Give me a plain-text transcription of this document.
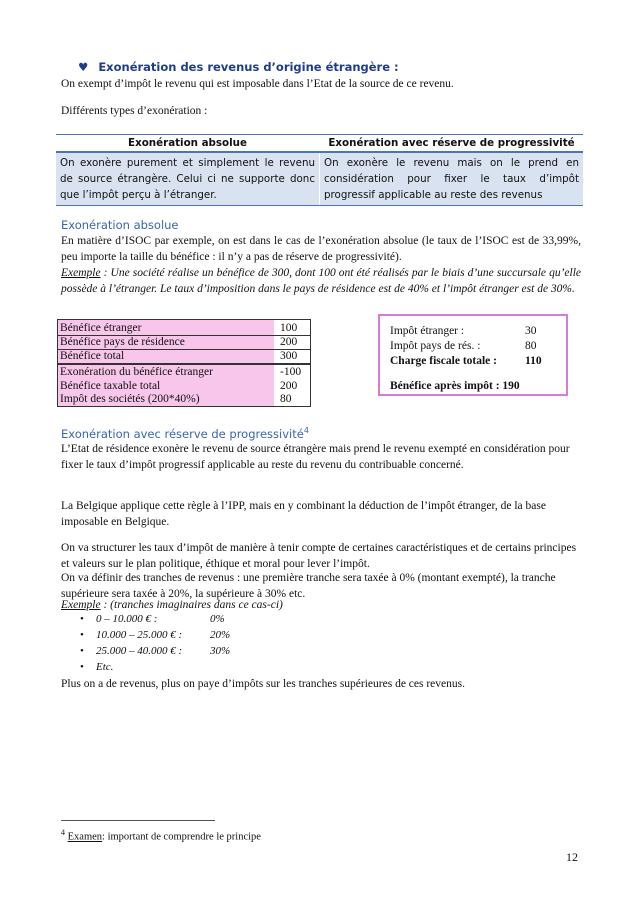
♥ Exonération des revenus d’origine étrangère :
On exempt d’impôt le revenu qui est imposable dans l’Etat de la source de ce revenu.
Différents types d’exonération :
Exonération absolue	Exonération avec réserve de progressivité
On exonère purement et simplement le revenu de source étrangère. Celui ci ne supporte donc que l’impôt perçu à l’étranger.	On exonère le revenu mais on le prend en considération pour fixer le taux d’impôt progressif applicable au reste des revenus
Exonération absolue
En matière d’ISOC par exemple, on est dans le cas de l’exonération absolue (le taux de l’ISOC est de 33,99%, peu importe la taille du bénéfice : il n’y a pas de réserve de progressivité).
Exemple : Une société réalise un bénéfice de 300, dont 100 ont été réalisés par le biais d’une succursale qu’elle possède à l’étranger. Le taux d’imposition dans le pays de résidence est de 40% et l’impôt étranger est de 30%.
Bénéfice étranger	100
Bénéfice pays de résidence	200
Bénéfice total	300
Exonération du bénéfice étranger	-100
Bénéfice taxable total	200
Impôt des sociétés (200*40%)	80
Impôt étranger :	30
Impôt pays de rés. :	80
Charge fiscale totale : 110
Bénéfice après impôt : 190
Exonération avec réserve de progressivité$^4$
L’Etat de résidence exonère le revenu de source étrangère mais prend le revenu exempté en considération pour fixer le taux d’impôt progressif applicable au reste du revenu du contribuable concerné.
La Belgique applique cette règle à l’IPP, mais en y combinant la déduction de l’impôt étranger, de la base imposable en Belgique.
On va structurer les taux d’impôt de manière à tenir compte de certaines caractéristiques et de certains principes et valeurs sur le plan politique, éthique et moral pour lever l’impôt.
On va définir des tranches de revenus : une première tranche sera taxée à 0% (montant exempté), la tranche supérieure sera taxée à 20%, la supérieure à 30% etc.
Exemple : (tranches imaginaires dans ce cas-ci)
• 0 – 10.000 € :	0%
• 10.000 – 25.000 € :	20%
• 25.000 – 40.000 € :	30%
• Etc.
Plus on a de revenus, plus on paye d’impôts sur les tranches supérieures de ces revenus.
$^4$ Examen: important de comprendre le principe
12
